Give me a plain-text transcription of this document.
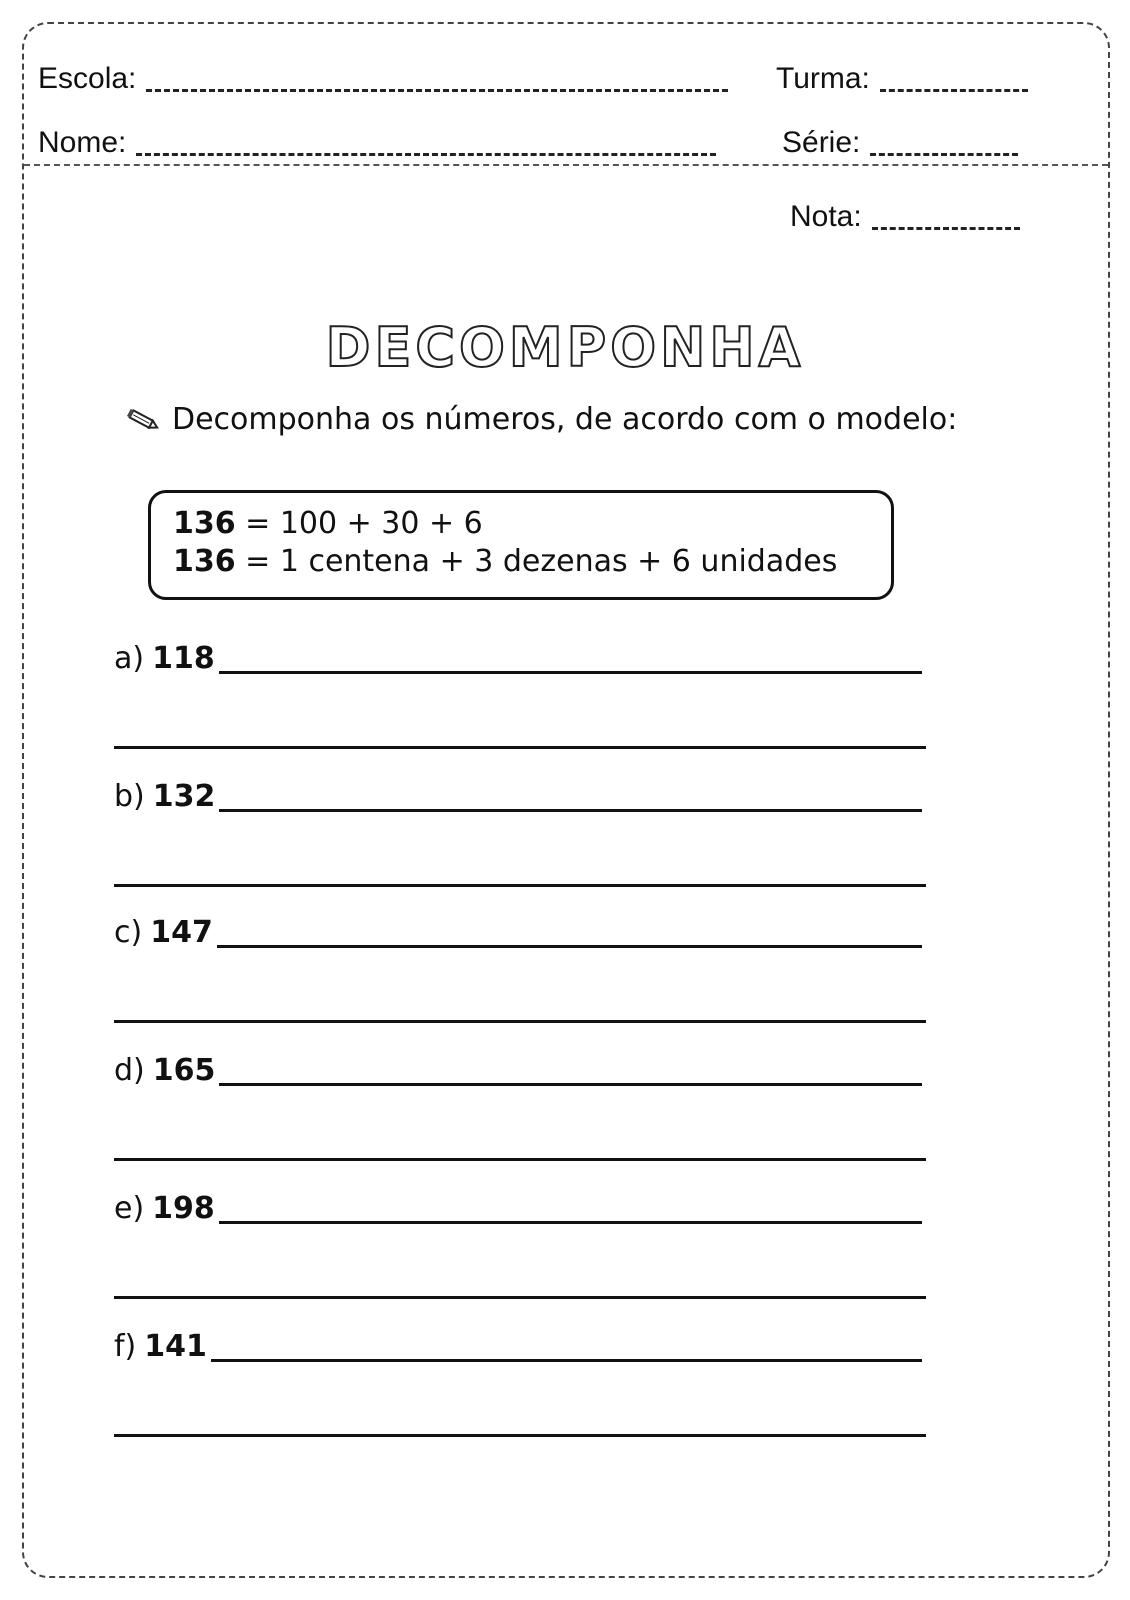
Escola:	Turma:
Nome:	Série:
Nota:
DECOMPONHA
Decomponha os números, de acordo com o modelo:
136 = 100 + 30 + 6
136 = 1 centena + 3 dezenas + 6 unidades
a) 118
b) 132
c) 147
d) 165
e) 198
f) 141
